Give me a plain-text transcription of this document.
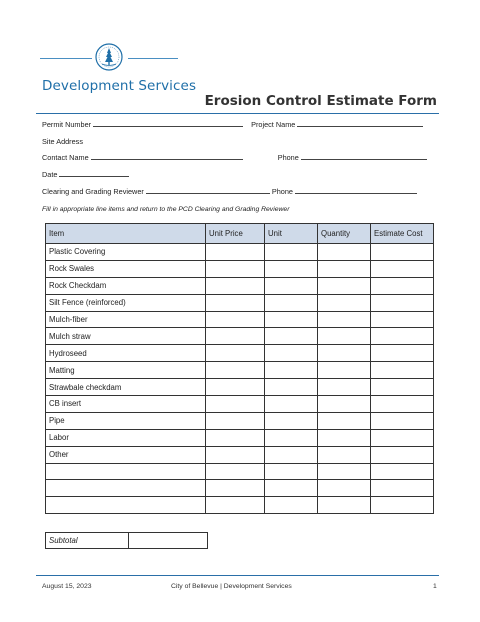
Development Services
Erosion Control Estimate Form
Permit Number	Project Name
Site Address
Contact Name	Phone
Date
Clearing and Grading Reviewer	Phone
Fill in appropriate line items and return to the PCD Clearing and Grading Reviewer
Item	Unit Price	Unit	Quantity	Estimate Cost
Plastic Covering				
Rock Swales				
Rock Checkdam				
Silt Fence (reinforced)				
Mulch-fiber				
Mulch straw				
Hydroseed				
Matting				
Strawbale checkdam				
CB insert				
Pipe				
Labor				
Other				

Subtotal	
August 15, 2023	City of Bellevue | Development Services	1
